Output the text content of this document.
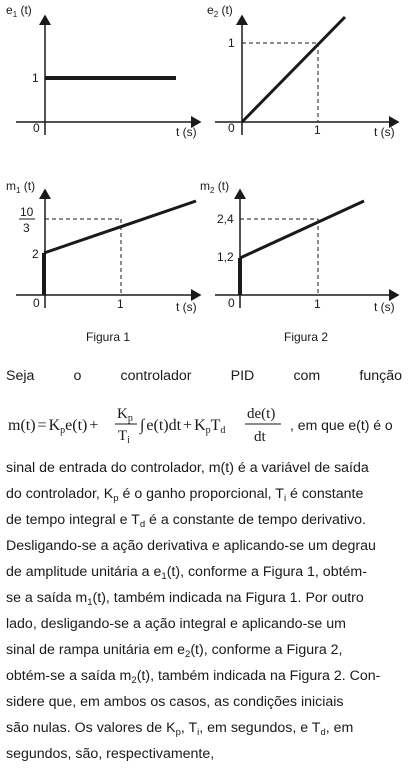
$e_1$ (t)
1
0	t (s)
$e_2$ (t)
1
1
0	t (s)
$m_1$ (t)
10
3
2
1
0	t (s)
$m_2$ (t)
2,4
1,2
1
0	t (s)
Figura 1	Figura 2
Seja	o	controlador	PID	com	função
m(t) = Kpe(t) +
$K_p$
$T_i$
∫ e(t)dt + KpTd
de(t)
dt
, em que e(t) é o
sinal de entrada do controlador, m(t) é a variável de saída
do controlador, $K_p$ é o ganho proporcional, $T_i$ é constante
de tempo integral e $T_d$ é a constante de tempo derivativo.
Desligando-se a ação derivativa e aplicando-se um degrau
de amplitude unitária a $e_1(t)$, conforme a Figura 1, obtém-
se a saída $m_1(t)$, também indicada na Figura 1. Por outro
lado, desligando-se a ação integral e aplicando-se um
sinal de rampa unitária em $e_2(t)$, conforme a Figura 2,
obtém-se a saída $m_2(t)$, também indicada na Figura 2. Con-
sidere que, em ambos os casos, as condições iniciais
são nulas. Os valores de $K_p$, $T_i$, em segundos, e $T_d$, em
segundos, são, respectivamente,
